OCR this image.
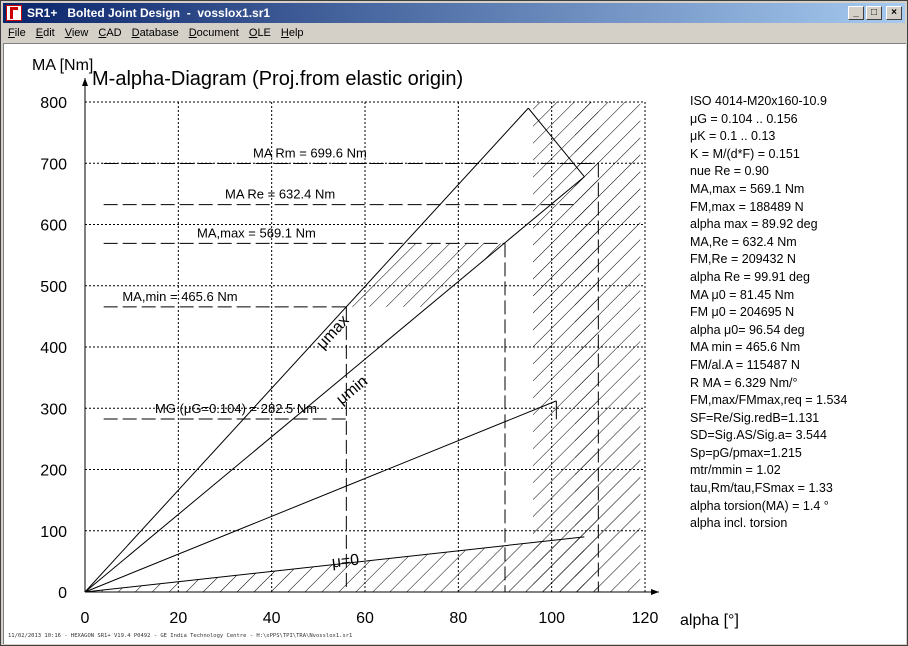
SR1+   Bolted Joint Design  -  vosslox1.sr1	_	□	×
File Edit View CAD Database Document OLE Help
MA Rm = 699.6 Nm
MA Re = 632.4 Nm
MA,max = 569.1 Nm
MA,min = 465.6 Nm
MG (μG=0.104) = 282.5 Nm
0	20	40	60	80	100	120
0
100
200
300
400
500
600
700
800
μmax
μmin
μ=0
M-alpha-Diagram (Proj.from elastic origin)
MA [Nm]
alpha [°]
ISO 4014-M20x160-10.9
μG = 0.104 .. 0.156
μK = 0.1 .. 0.13
K = M/(d*F) = 0.151
nue Re = 0.90
MA,max = 569.1 Nm
FM,max = 188489 N
alpha max = 89.92 deg
MA,Re = 632.4 Nm
FM,Re = 209432 N
alpha Re = 99.91 deg
MA μ0 = 81.45 Nm
FM μ0 = 204695 N
alpha μ0= 96.54 deg
MA min = 465.6 Nm
FM/al.A = 115487 N
R MA = 6.329 Nm/°
FM,max/FMmax,req = 1.534
SF=Re/Sig.redB=1.131
SD=Sig.AS/Sig.a= 3.544
Sp=pG/pmax=1.215
mtr/mmin = 1.02
tau,Rm/tau,FSmax = 1.33
alpha torsion(MA) = 1.4 °
alpha incl. torsion
11/02/2013 10:16 - HEXAGON SR1+ V19.4 P0492 - GE India Technology Centre - H:\xPPS\TPI\TRA\Nvosslox1.sr1
